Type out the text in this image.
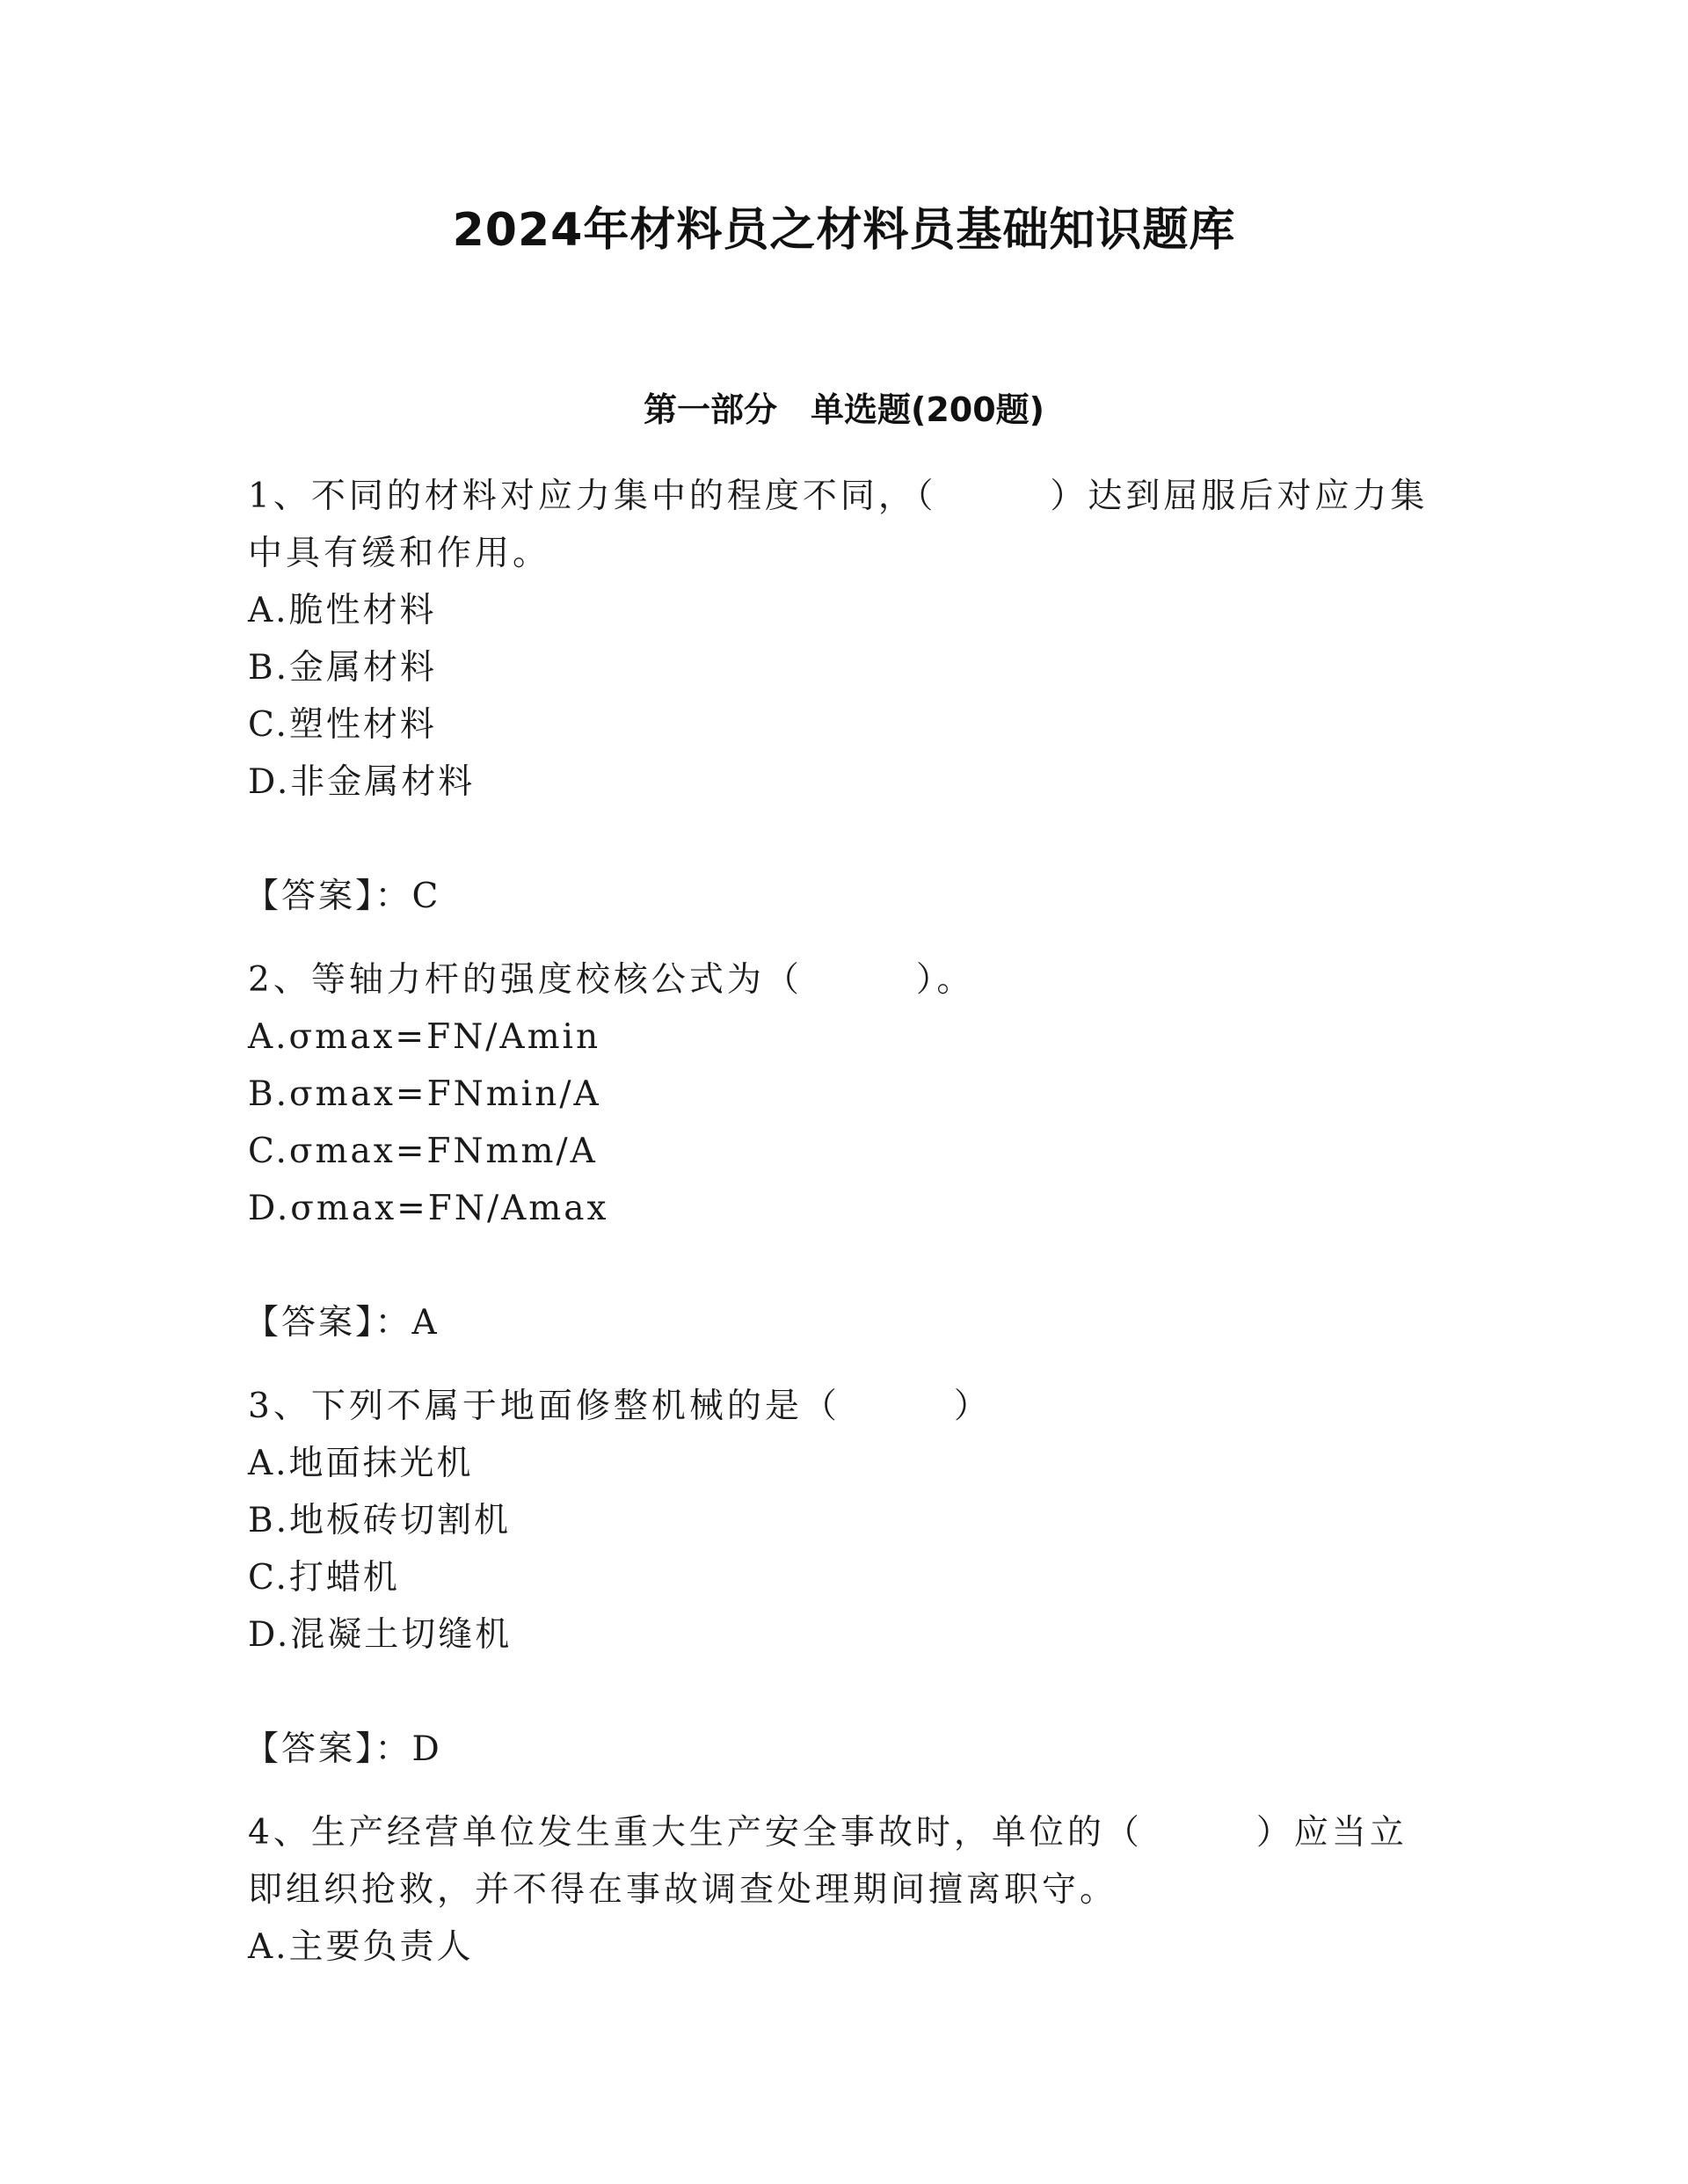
2024年材料员之材料员基础知识题库
第一部分　单选题(200题)

1、不同的材料对应力集中的程度不同，（　　　）达到屈服后对应力集中具有缓和作用。

A.脆性材料

B.金属材料

C.塑性材料

D.非金属材料

【答案】：C

2、等轴力杆的强度校核公式为（　　　）。

A.σmax=FN/Amin

B.σmax=FNmin/A

C.σmax=FNmm/A

D.σmax=FN/Amax

【答案】：A

3、下列不属于地面修整机械的是（　　　）

A.地面抹光机

B.地板砖切割机

C.打蜡机

D.混凝土切缝机

【答案】：D

4、生产经营单位发生重大生产安全事故时，单位的（　　　）应当立即组织抢救，并不得在事故调查处理期间擅离职守。

A.主要负责人
